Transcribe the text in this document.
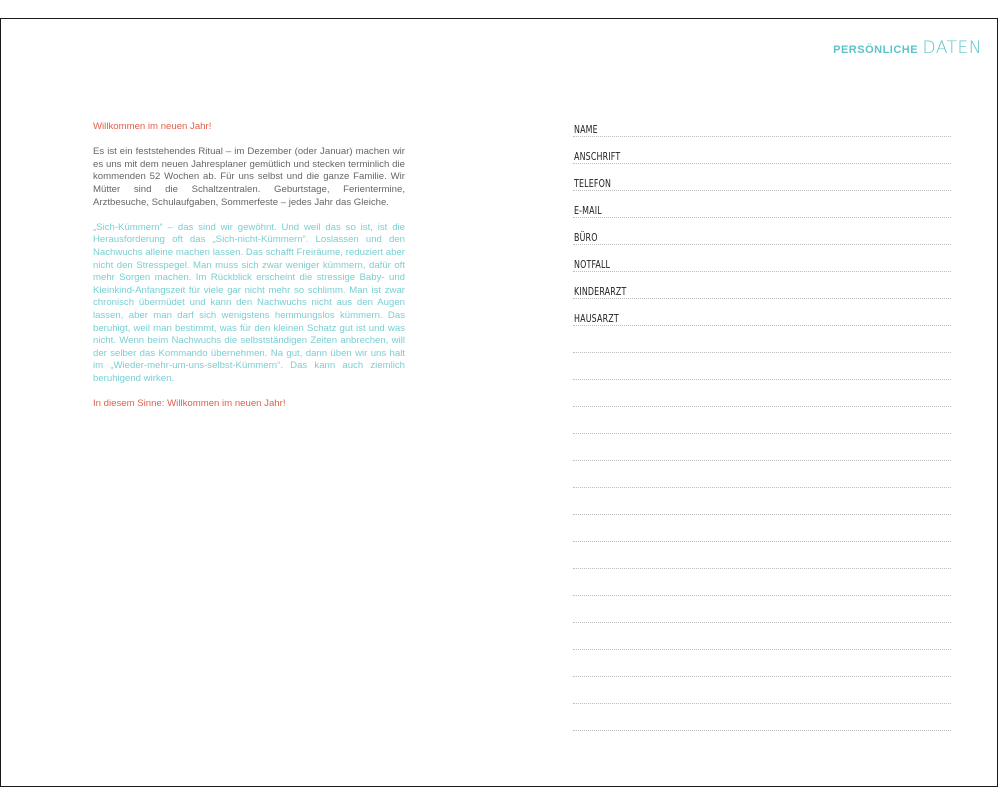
PERSÖNLICHE DATEN

Willkommen im neuen Jahr!

Es ist ein feststehendes Ritual – im Dezember (oder Januar) machen wir es uns mit dem neuen Jahresplaner gemütlich und stecken terminlich die kommenden 52 Wochen ab. Für uns selbst und die ganze Familie. Wir Mütter sind die Schaltzentralen. Geburtstage, Ferientermine, Arztbesuche, Schulaufgaben, Sommerfeste – jedes Jahr das Gleiche.

„Sich-Kümmern“ – das sind wir gewöhnt. Und weil das so ist, ist die Herausforderung oft das „Sich-nicht-Kümmern“. Loslassen und den Nachwuchs alleine machen lassen. Das schafft Freiräume, reduziert aber nicht den Stresspegel. Man muss sich zwar weniger kümmern, dafür oft mehr Sorgen machen. Im Rückblick erscheint die stressige Baby- und Kleinkind-Anfangszeit für viele gar nicht mehr so schlimm. Man ist zwar chronisch übermüdet und kann den Nachwuchs nicht aus den Augen lassen, aber man darf sich wenigstens hemmungslos kümmern. Das beruhigt, weil man bestimmt, was für den kleinen Schatz gut ist und was nicht. Wenn beim Nachwuchs die selbstständigen Zeiten anbrechen, will der selber das Kommando übernehmen. Na gut, dann üben wir uns halt im „Wieder-mehr-um-uns-selbst-Kümmern“. Das kann auch ziemlich beruhigend wirken.

In diesem Sinne: Willkommen im neuen Jahr!

NAME
ANSCHRIFT
TELEFON
E-MAIL
BÜRO
NOTFALL
KINDERARZT
HAUSARZT
